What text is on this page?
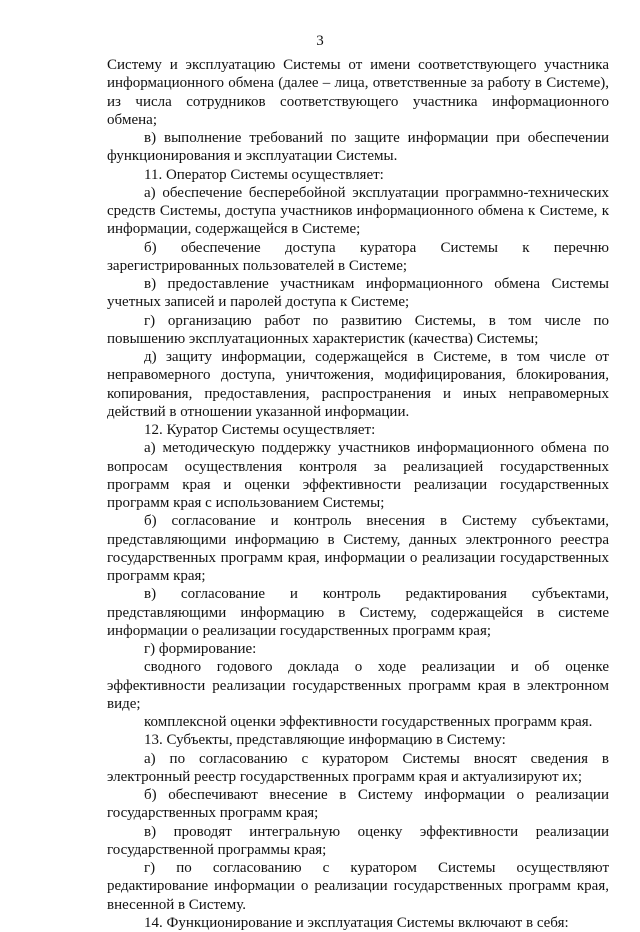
3

Систему и эксплуатацию Системы от имени соответствующего участника информационного обмена (далее – лица, ответственные за работу в Системе), из числа сотрудников соответствующего участника информационного обмена;

в) выполнение требований по защите информации при обеспечении функционирования и эксплуатации Системы.

11. Оператор Системы осуществляет:

а) обеспечение бесперебойной эксплуатации программно-технических средств Системы, доступа участников информационного обмена к Системе, к информации, содержащейся в Системе;

б) обеспечение доступа куратора Системы к перечню зарегистрированных пользователей в Системе;

в) предоставление участникам информационного обмена Системы учетных записей и паролей доступа к Системе;

г) организацию работ по развитию Системы, в том числе по повышению эксплуатационных характеристик (качества) Системы;

д) защиту информации, содержащейся в Системе, в том числе от неправомерного доступа, уничтожения, модифицирования, блокирования, копирования, предоставления, распространения и иных неправомерных действий в отношении указанной информации.

12. Куратор Системы осуществляет:

а) методическую поддержку участников информационного обмена по вопросам осуществления контроля за реализацией государственных программ края и оценки эффективности реализации государственных программ края с использованием Системы;

б) согласование и контроль внесения в Систему субъектами, представляющими информацию в Систему, данных электронного реестра государственных программ края, информации о реализации государственных программ края;

в) согласование и контроль редактирования субъектами, представляющими информацию в Систему, содержащейся в системе информации о реализации государственных программ края;

г) формирование:

сводного годового доклада о ходе реализации и об оценке эффективности реализации государственных программ края в электронном виде;

комплексной оценки эффективности государственных программ края.

13. Субъекты, представляющие информацию в Систему:

а) по согласованию с куратором Системы вносят сведения в электронный реестр государственных программ края и актуализируют их;

б) обеспечивают внесение в Систему информации о реализации государственных программ края;

в) проводят интегральную оценку эффективности реализации государственной программы края;

г) по согласованию с куратором Системы осуществляют редактирование информации о реализации государственных программ края, внесенной в Систему.

14. Функционирование и эксплуатация Системы включают в себя:
